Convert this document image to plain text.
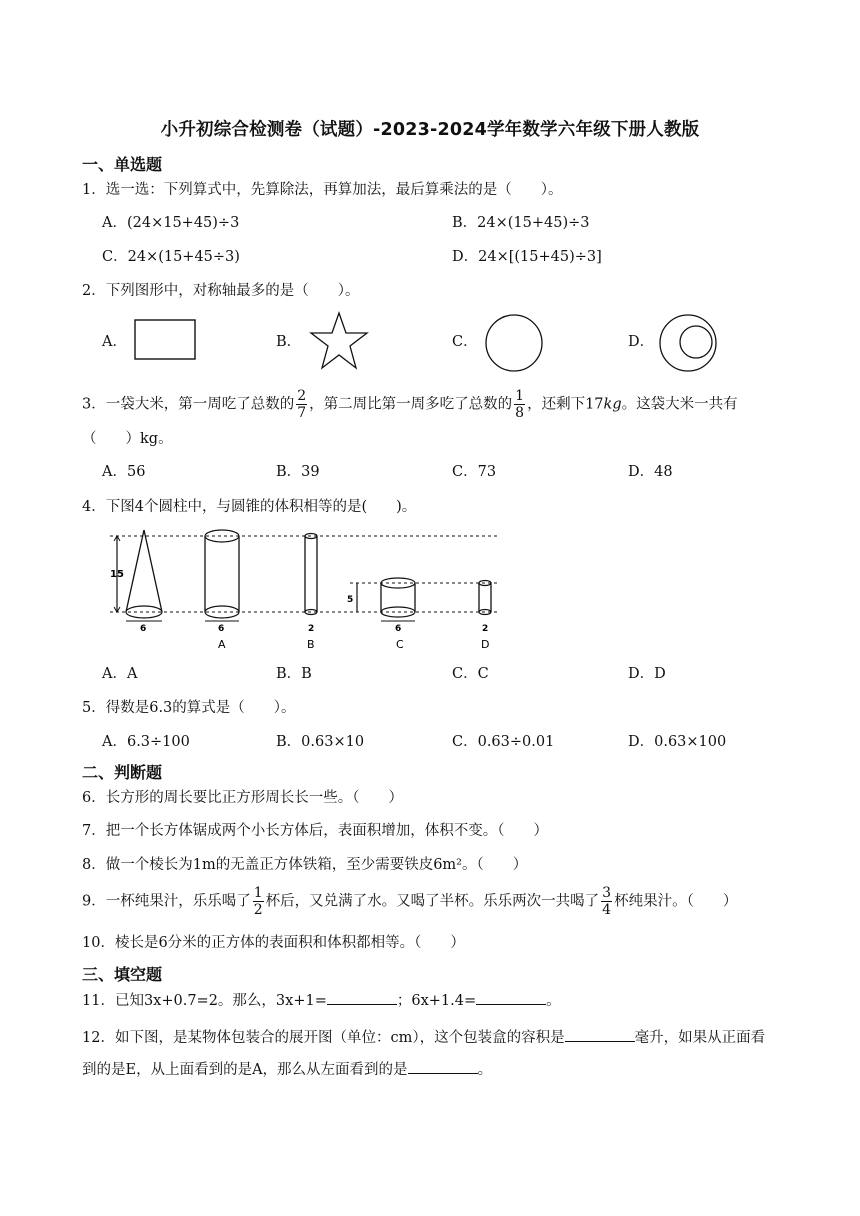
小升初综合检测卷（试题）-2023-2024学年数学六年级下册人教版
一、单选题
1．选一选：下列算式中，先算除法，再算加法，最后算乘法的是（　　）。
A．(24×15+45)÷3	B．24×(15+45)÷3
C．24×(15+45÷3)	D．24×[(15+45)÷3]
2．下列图形中，对称轴最多的是（　　）。
A．	B．	C．	D．
3．一袋大米，第一周吃了总数的 $\frac{2}{7}$ ，第二周比第一周多吃了总数的 $\frac{1}{8}$ ，还剩下17kg。这袋大米一共有
（　　）kg。
A．56	B．39	C．73	D．48
4．下图4个圆柱中，与圆锥的体积相等的是(　　)。
15
6	6
A
2
B
5
6
C
2
D
A．A	B．B	C．C	D．D
5．得数是6.3的算式是（　　）。
A．6.3÷100	B．0.63×10	C．0.63÷0.01	D．0.63×100
二、判断题
6．长方形的周长要比正方形周长长一些。（　　）
7．把一个长方体锯成两个小长方体后，表面积增加，体积不变。（　　）
8．做一个棱长为1m的无盖正方体铁箱，至少需要铁皮6m²。（　　）
9．一杯纯果汁，乐乐喝了 $\frac{1}{2}$ 杯后，又兑满了水。又喝了半杯。乐乐两次一共喝了 $\frac{3}{4}$ 杯纯果汁。（　　）
10．棱长是6分米的正方体的表面积和体积都相等。（　　）
三、填空题
11．已知3x+0.7=2。那么，3x+1=	；6x+1.4=	。
12．如下图，是某物体包装合的展开图（单位：cm），这个包装盒的容积是	毫升，如果从正面看
到的是E，从上面看到的是A，那么从左面看到的是	。
